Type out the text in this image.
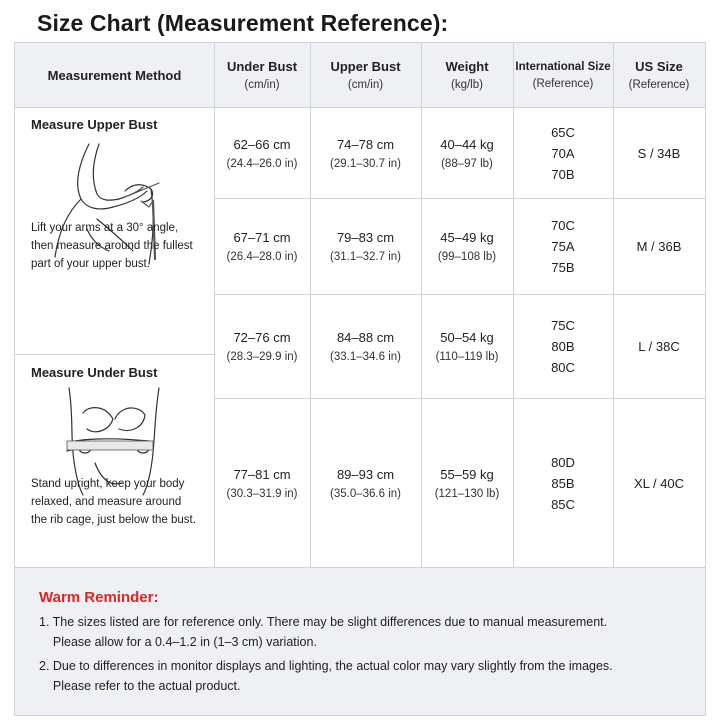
Size Chart (Measurement Reference):
Measurement Method
Under Bust
(cm/in)
Upper Bust
(cm/in)
Weight
(kg/lb)
International Size
(Reference)
US Size
(Reference)
Measure Upper Bust
Lift your arms at a 30° angle,
then measure around the fullest
part of your upper bust.
Measure Under Bust
Stand upright, keep your body
relaxed, and measure around
the rib cage, just below the bust.
62–66 cm
(24.4–26.0 in)
74–78 cm
(29.1–30.7 in)
40–44 kg
(88–97 lb)
65C
70A
70B
S / 34B
67–71 cm
(26.4–28.0 in)
79–83 cm
(31.1–32.7 in)
45–49 kg
(99–108 lb)
70C
75A
75B
M / 36B
72–76 cm
(28.3–29.9 in)
84–88 cm
(33.1–34.6 in)
50–54 kg
(110–119 lb)
75C
80B
80C
L / 38C
77–81 cm
(30.3–31.9 in)
89–93 cm
(35.0–36.6 in)
55–59 kg
(121–130 lb)
80D
85B
85C
XL / 40C
Warm Reminder:
1. The sizes listed are for reference only. There may be slight differences due to manual measurement.
Please allow for a 0.4–1.2 in (1–3 cm) variation.
2. Due to differences in monitor displays and lighting, the actual color may vary slightly from the images.
Please refer to the actual product.
